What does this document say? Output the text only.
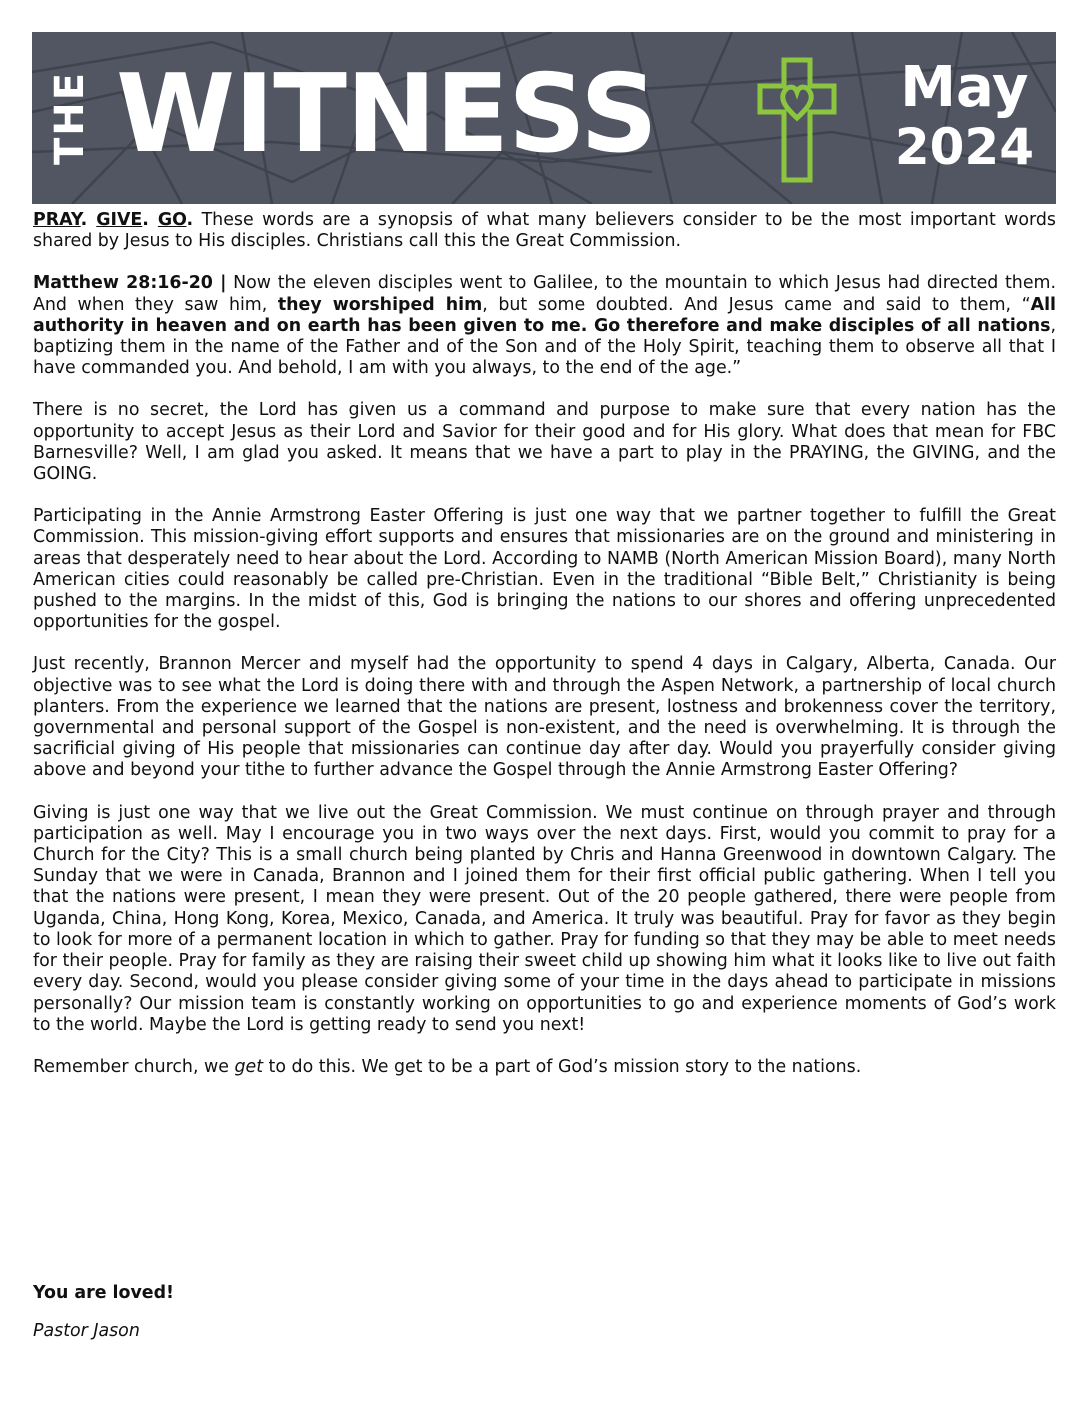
THE WITNESS	May
2024

PRAY. GIVE. GO. These words are a synopsis of what many believers consider to be the most important words shared by Jesus to His disciples. Christians call this the Great Commission.

Matthew 28:16-20 | Now the eleven disciples went to Galilee, to the mountain to which Jesus had directed them. And when they saw him, they worshiped him, but some doubted. And Jesus came and said to them, “All authority in heaven and on earth has been given to me. Go therefore and make disciples of all nations, baptizing them in the name of the Father and of the Son and of the Holy Spirit, teaching them to observe all that I have commanded you. And behold, I am with you always, to the end of the age.”

There is no secret, the Lord has given us a command and purpose to make sure that every nation has the opportunity to accept Jesus as their Lord and Savior for their good and for His glory. What does that mean for FBC Barnesville? Well, I am glad you asked. It means that we have a part to play in the PRAYING, the GIVING, and the GOING.

Participating in the Annie Armstrong Easter Offering is just one way that we partner together to fulfill the Great Commission. This mission-giving effort supports and ensures that missionaries are on the ground and ministering in areas that desperately need to hear about the Lord. According to NAMB (North American Mission Board), many North American cities could reasonably be called pre-Christian. Even in the traditional “Bible Belt,” Christianity is being pushed to the margins. In the midst of this, God is bringing the nations to our shores and offering unprecedented opportunities for the gospel.

Just recently, Brannon Mercer and myself had the opportunity to spend 4 days in Calgary, Alberta, Canada. Our objective was to see what the Lord is doing there with and through the Aspen Network, a partnership of local church planters. From the experience we learned that the nations are present, lostness and brokenness cover the territory, governmental and personal support of the Gospel is non-existent, and the need is overwhelming. It is through the sacrificial giving of His people that missionaries can continue day after day. Would you prayerfully consider giving above and beyond your tithe to further advance the Gospel through the Annie Armstrong Easter Offering?

Giving is just one way that we live out the Great Commission. We must continue on through prayer and through participation as well. May I encourage you in two ways over the next days. First, would you commit to pray for a Church for the City? This is a small church being planted by Chris and Hanna Greenwood in downtown Calgary. The Sunday that we were in Canada, Brannon and I joined them for their first official public gathering. When I tell you that the nations were present, I mean they were present. Out of the 20 people gathered, there were people from Uganda, China, Hong Kong, Korea, Mexico, Canada, and America. It truly was beautiful. Pray for favor as they begin to look for more of a permanent location in which to gather. Pray for funding so that they may be able to meet needs for their people. Pray for family as they are raising their sweet child up showing him what it looks like to live out faith every day. Second, would you please consider giving some of your time in the days ahead to participate in missions personally? Our mission team is constantly working on opportunities to go and experience moments of God’s work to the world. Maybe the Lord is getting ready to send you next!

Remember church, we get to do this. We get to be a part of God’s mission story to the nations.

You are loved!
Pastor Jason
